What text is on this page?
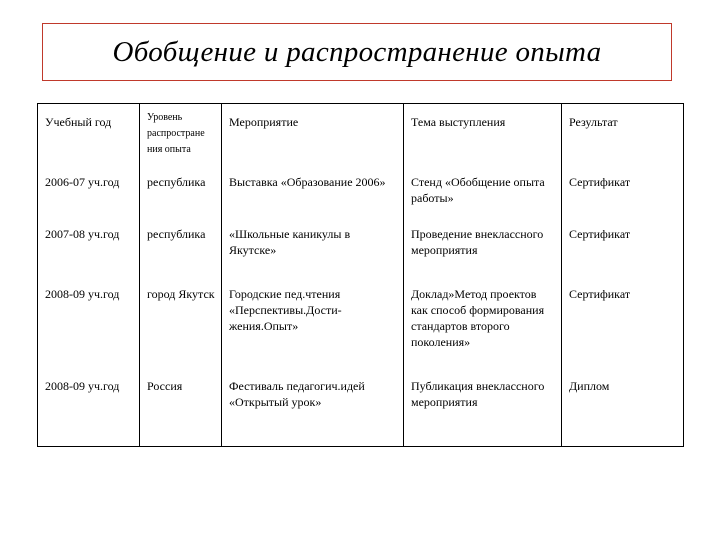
Обобщение и распространение опыта
Учебный год	Уровень распростране ния опыта	Мероприятие	Тема выступления	Результат

2006-07 уч.год	республика	Выставка «Образование 2006»	Стенд «Обобщение опыта работы»	Сертификат
2007-08 уч.год	республика	«Школьные каникулы в Якутске»	Проведение внеклассного мероприятия	Сертификат
2008-09 уч.год	город Якутск	Городские пед.чтения «Перспективы.Дости-жения.Опыт»	Доклад»Метод проектов как способ формирования стандартов второго поколения»	Сертификат
2008-09 уч.год	Россия	Фестиваль педагогич.идей «Открытый урок»	Публикация внеклассного мероприятия	Диплом
